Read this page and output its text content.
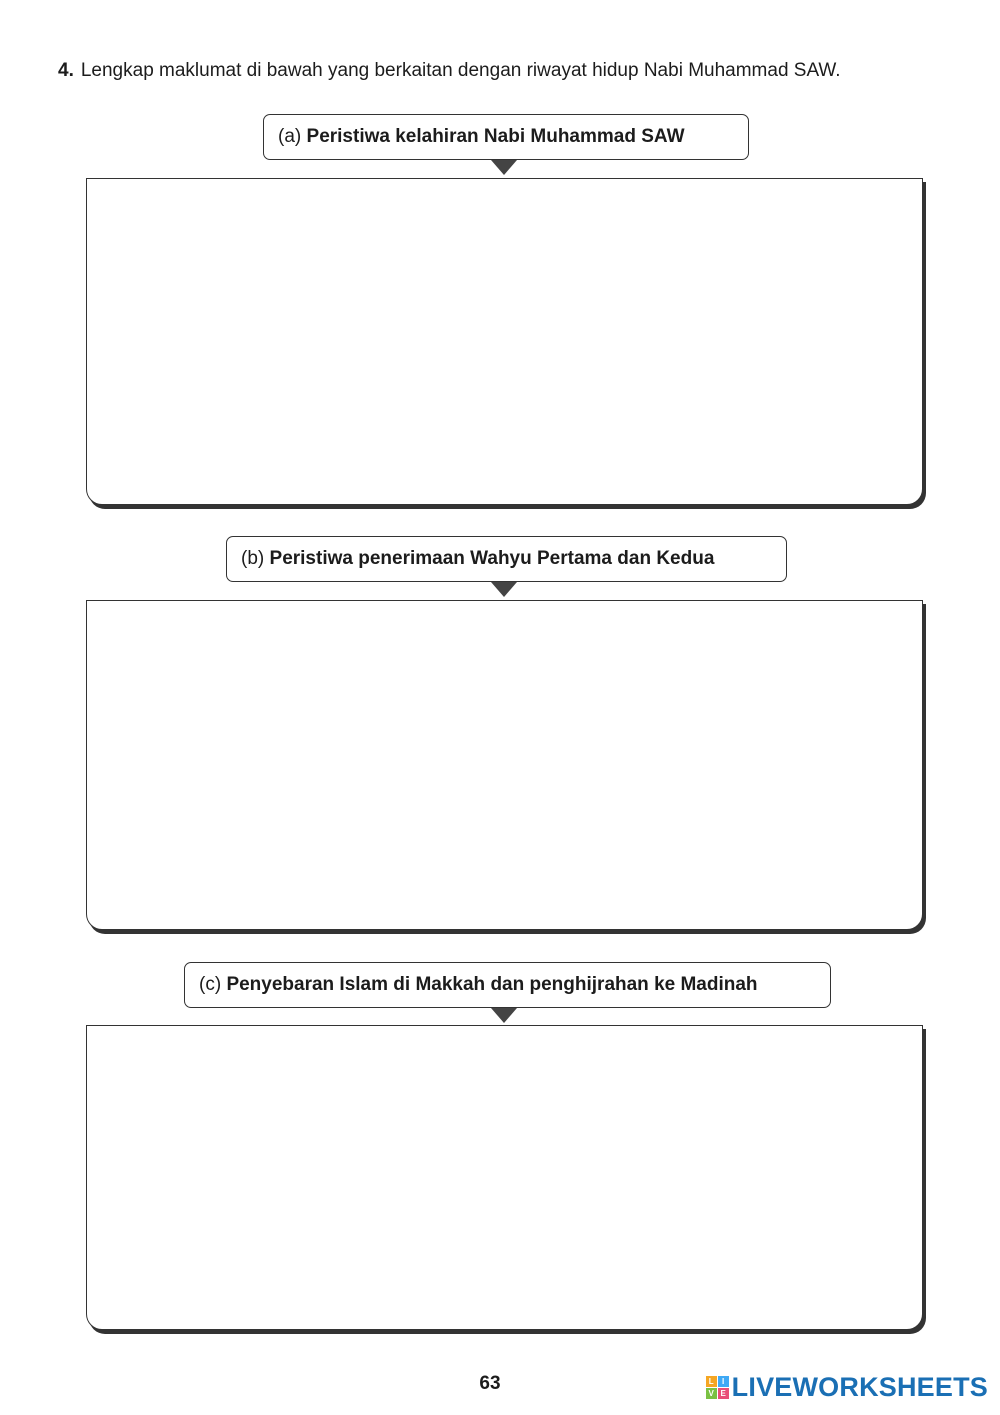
4. Lengkap maklumat di bawah yang berkaitan dengan riwayat hidup Nabi Muhammad SAW.
(a) Peristiwa kelahiran Nabi Muhammad SAW
(b) Peristiwa penerimaan Wahyu Pertama dan Kedua
(c) Penyebaran Islam di Makkah dan penghijrahan ke Madinah
63	L	I
V E LIVEWORKSHEETS
